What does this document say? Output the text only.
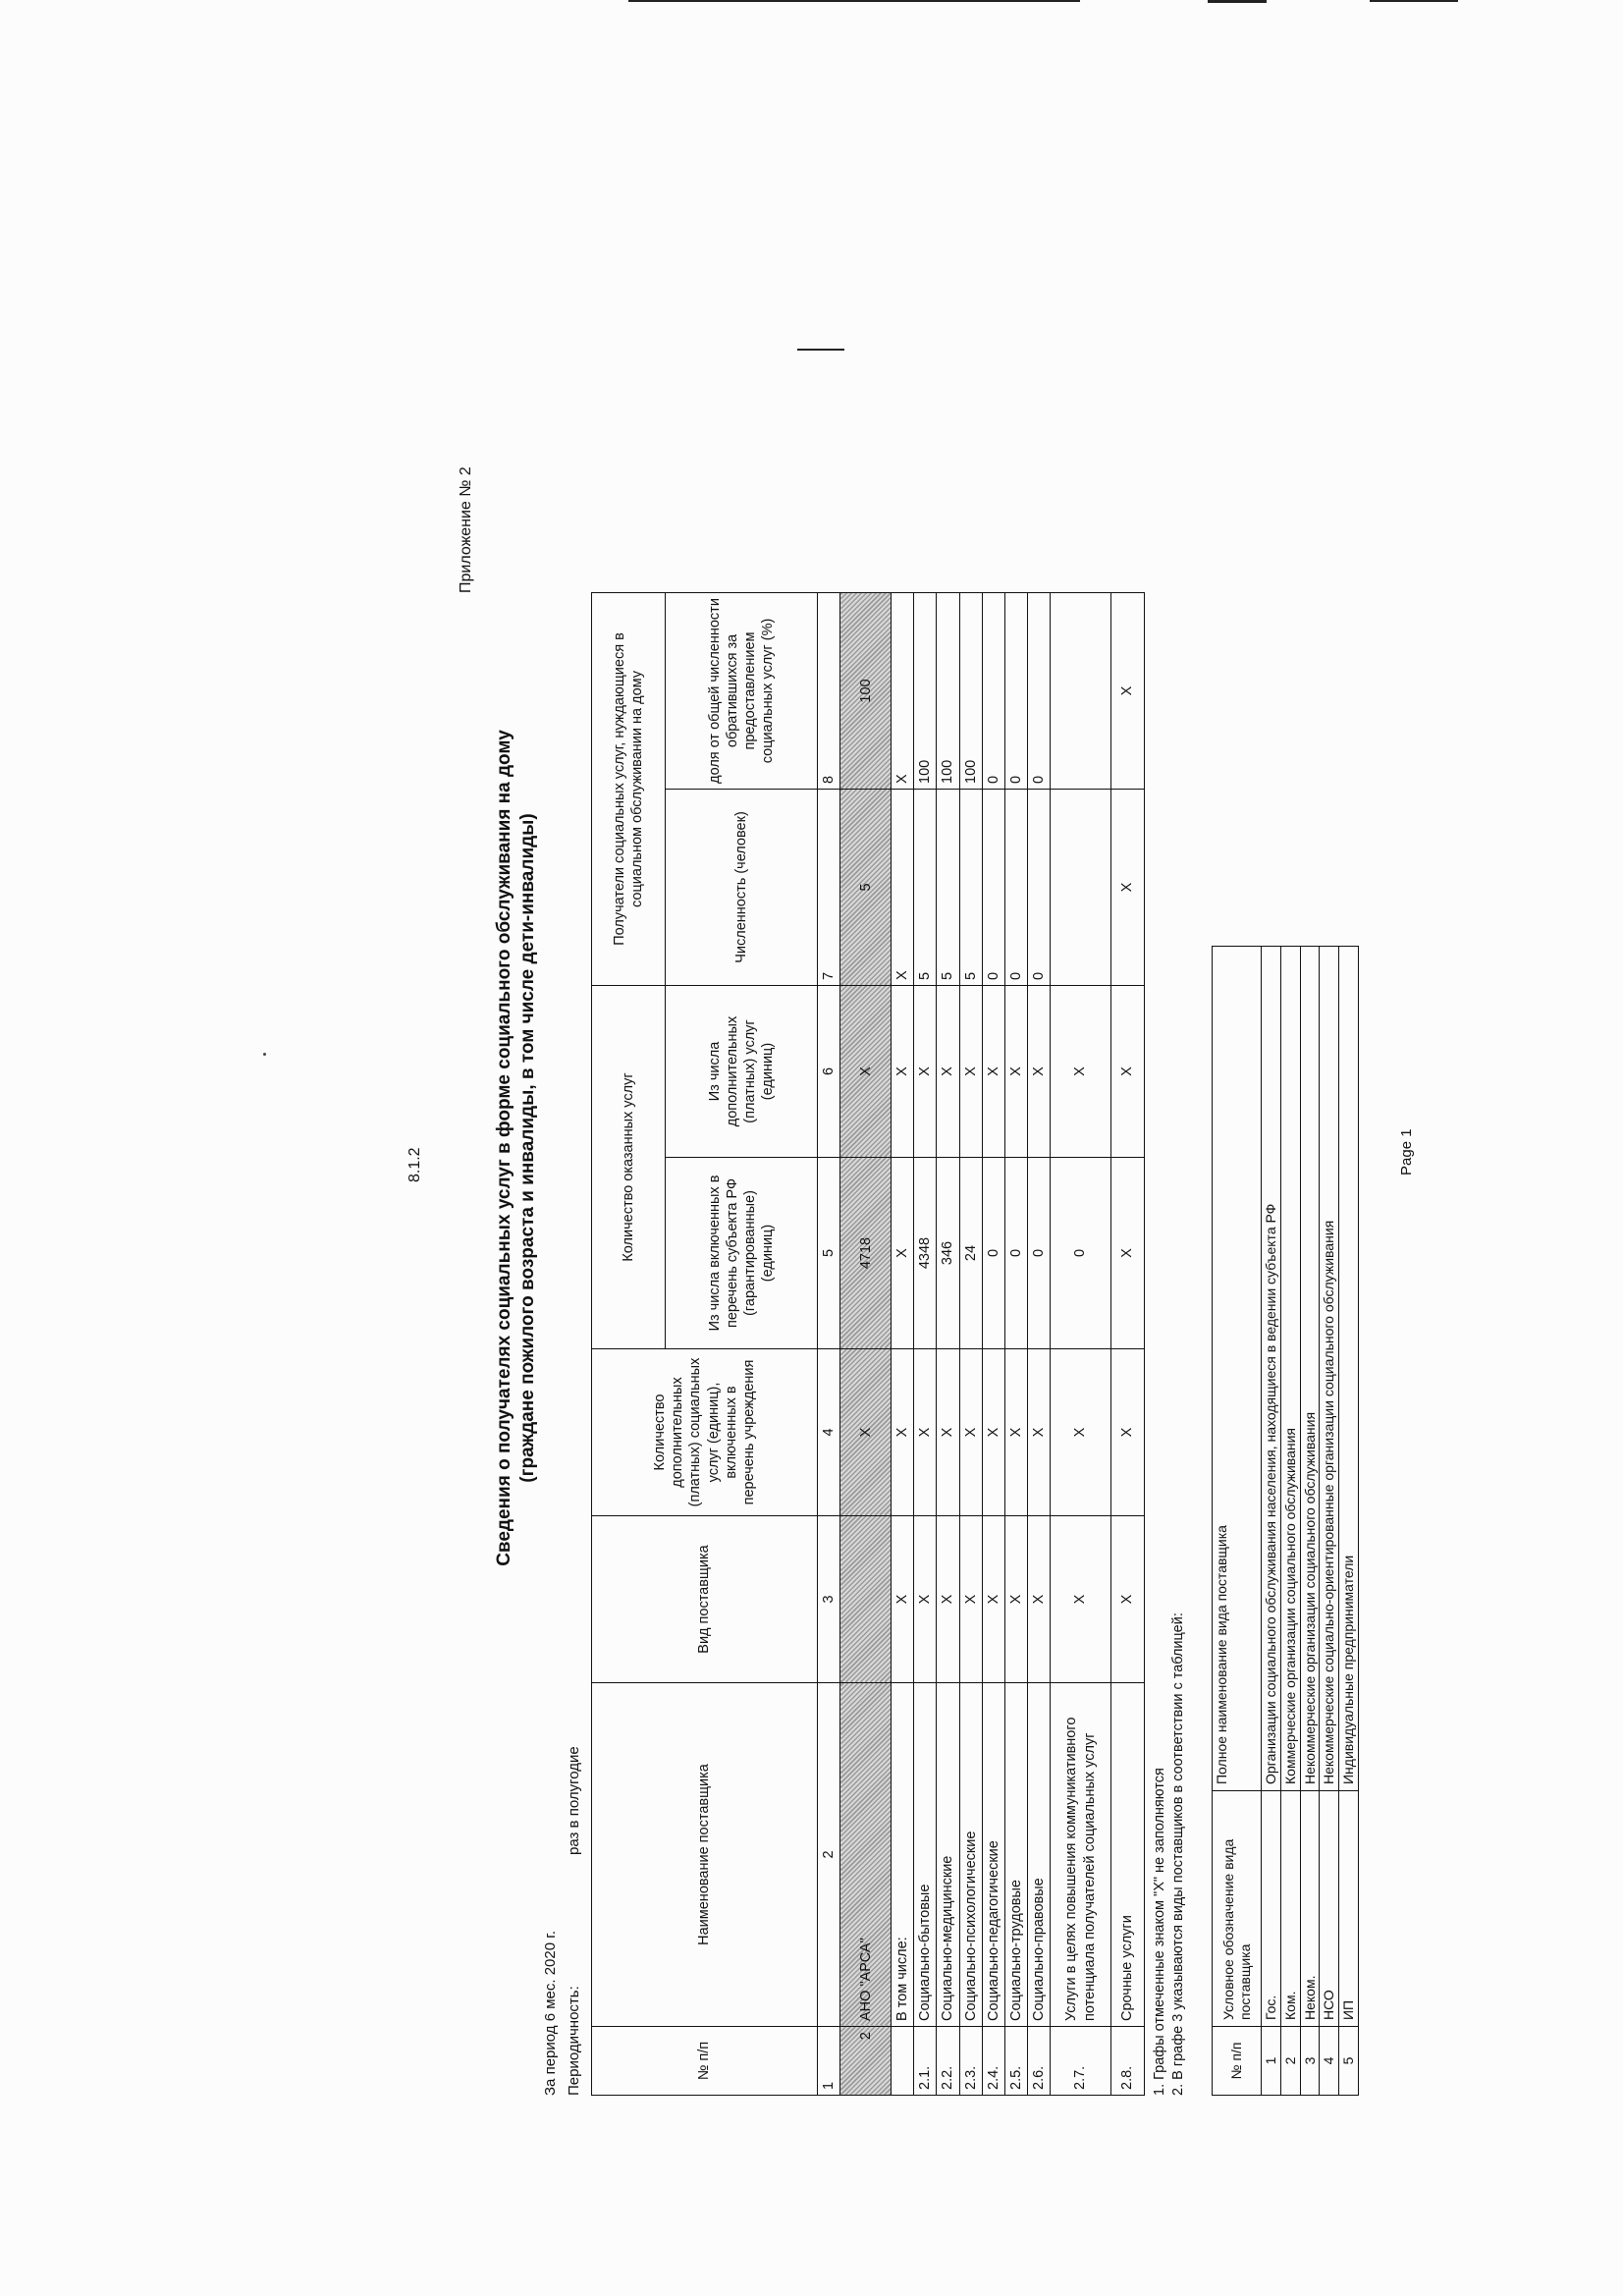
8.1.2
Приложение № 2
Сведения о получателях социальных услуг в форме социального обслуживания на дому (граждане пожилого возраста и инвалиды, в том числе дети-инвалиды)
За период 6 мес. 2020 г. Периодичность:
раз в полугодие
№ п/п	Наименование поставщика	Вид поставщика	Количество дополнительных (платных) социальных услуг (единиц), включенных в перечень учреждения	Количество оказанных услуг		Получатели социальных услуг, нуждающиеся в социальном обслуживании на дому	
				Из числа включенных в перечень субъекта РФ (гарантированные) (единиц)	Из числа дополнительных (платных) услуг (единиц)	Численность (человек)	доля от общей численности обратившихся за предоставлением социальных услуг (%)
1	2	3	4	5	6	7	8
2	АНО "АРСА"		X	4718	X	5	100
	В том числе:	X	X	X	X	X	X
2.1.	Социально-бытовые	X	X	4348	X	5	100
2.2.	Социально-медицинские	X	X	346	X	5	100
2.3.	Социально-психологические	X	X	24	X	5	100
2.4.	Социально-педагогические	X	X	0	X	0	0
2.5.	Социально-трудовые	X	X	0	X	0	0
2.6.	Социально-правовые	X	X	0	X	0	0
2.7.	Услуги в целях повышения коммуникативного потенциала получателей социальных услуг	X	X	0	X		
2.8.	Срочные услуги	X	X	X	X	X	X
1. Графы отмеченные знаком "Х" не заполняются 2. В графе 3 указываются виды поставщиков в соответствии с таблицей:	№ п/п	Условное обозначение вида поставщика	Полное наименование вида поставщика
1	Гос.	Организации социального обслуживания населения, находящиеся в ведении субъекта РФ
2	Ком.	Коммерческие организации социального обслуживания
3	Неком.	Некоммерческие организации социального обслуживания
4	НСО	Некоммерческие социально-ориентированные организации социального обслуживания
5	ИП	Индивидуальные предприниматели
Page 1
